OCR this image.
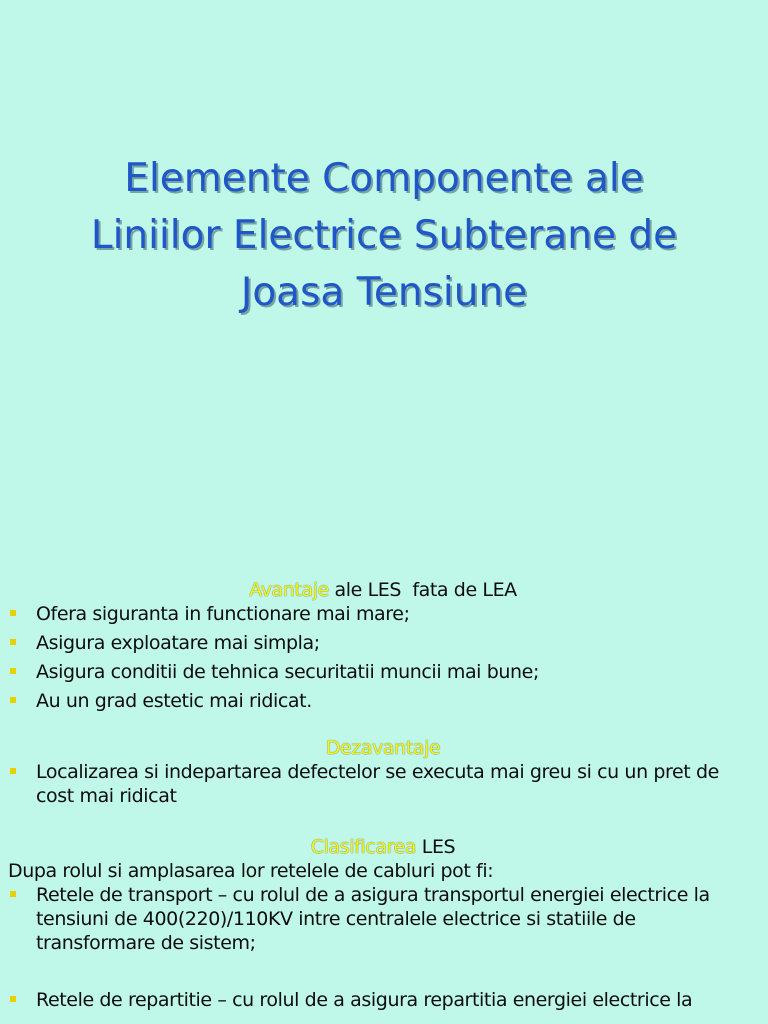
Elemente Componente ale
Liniilor Electrice Subterane de
Joasa Tensiune

Avantaje ale LES  fata de LEA

Ofera siguranta in functionare mai mare;
Asigura exploatare mai simpla;
Asigura conditii de tehnica securitatii muncii mai bune;
Au un grad estetic mai ridicat.

Dezavantaje

Localizarea si indepartarea defectelor se executa mai greu si cu un pret de cost mai ridicat

Clasificarea LES

Dupa rolul si amplasarea lor retelele de cabluri pot fi:

Retele de transport – cu rolul de a asigura transportul energiei electrice la tensiuni de 400(220)/110KV intre centralele electrice si statiile de transformare de sistem;
Retele de repartitie – cu rolul de a asigura repartitia energiei electrice la
